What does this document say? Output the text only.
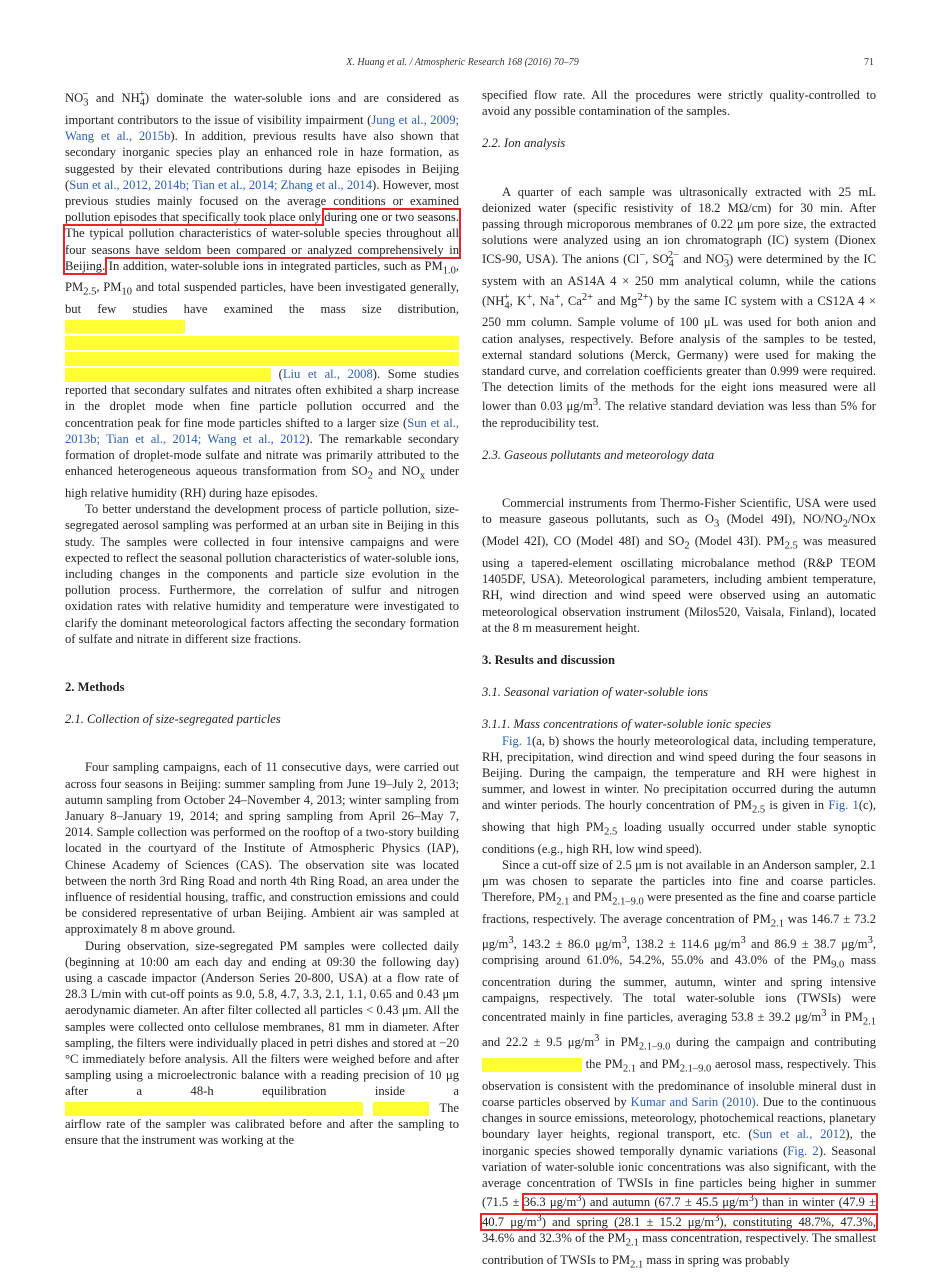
X. Huang et al. / Atmospheric Research 168 (2016) 70–79	71

$NO_3^-$ and $NH_4^+$) dominate the water-soluble ions and are considered as important contributors to the issue of visibility impairment (Jung et al., 2009; Wang et al., 2015b). In addition, previous results have also shown that secondary inorganic species play an enhanced role in haze formation, as suggested by their elevated contributions during haze episodes in Beijing (Sun et al., 2012, 2014b; Tian et al., 2014; Zhang et al., 2014). However, most previous studies mainly focused on the average conditions or examined pollution episodes that specifically took place only during one or two seasons. The typical pollution characteristics of water-soluble species throughout all four seasons have seldom been compared or analyzed comprehensively in Beijing. In addition, water-soluble ions in integrated particles, such as $PM_{1.0}$, $PM_{2.5}$, $PM_{10}$ and total suspended particles, have been investigated generally, but few studies have examined the mass size distribution,    (Liu et al., 2008). Some studies reported that secondary sulfates and nitrates often exhibited a sharp increase in the droplet mode when fine particle pollution occurred and the concentration peak for fine mode particles shifted to a larger size (Sun et al., 2013b; Tian et al., 2014; Wang et al., 2012). The remarkable secondary formation of droplet-mode sulfate and nitrate was primarily attributed to the enhanced heterogeneous aqueous transformation from $SO_2$ and $NO_x$ under high relative humidity (RH) during haze episodes.

To better understand the development process of particle pollution, size-segregated aerosol sampling was performed at an urban site in Beijing in this study. The samples were collected in four intensive campaigns and were expected to reflect the seasonal pollution characteristics of water-soluble ions, including changes in the components and particle size evolution in the pollution process. Furthermore, the correlation of sulfur and nitrogen oxidation rates with relative humidity and temperature were investigated to clarify the dominant meteorological factors affecting the secondary formation of sulfate and nitrate in different size fractions.

2. Methods
2.1. Collection of size-segregated particles

Four sampling campaigns, each of 11 consecutive days, were carried out across four seasons in Beijing: summer sampling from June 19–July 2, 2013; autumn sampling from October 24–November 4, 2013; winter sampling from January 8–January 19, 2014; and spring sampling from April 26–May 7, 2014. Sample collection was performed on the rooftop of a two-story building located in the courtyard of the Institute of Atmospheric Physics (IAP), Chinese Academy of Sciences (CAS). The observation site was located between the north 3rd Ring Road and north 4th Ring Road, an area under the influence of residential housing, traffic, and construction emissions and could be considered representative of urban Beijing. Ambient air was sampled at approximately 8 m above ground.

During observation, size-segregated PM samples were collected daily (beginning at 10:00 am each day and ending at 09:30 the following day) using a cascade impactor (Anderson Series 20-800, USA) at a flow rate of 28.3 L/min with cut-off points as 9.0, 5.8, 4.7, 3.3, 2.1, 1.1, 0.65 and 0.43 μm aerodynamic diameter. An after filter collected all particles < 0.43 μm. All the samples were collected onto cellulose membranes, 81 mm in diameter. After sampling, the filters were individually placed in petri dishes and stored at −20 °C immediately before analysis. All the filters were weighed before and after sampling using a microelectronic balance with a reading precision of 10 μg after a 48-h equilibration inside a   The airflow rate of the sampler was calibrated before and after the sampling to ensure that the instrument was working at the

specified flow rate. All the procedures were strictly quality-controlled to avoid any possible contamination of the samples.

2.2. Ion analysis

A quarter of each sample was ultrasonically extracted with 25 mL deionized water (specific resistivity of 18.2 MΩ/cm) for 30 min. After passing through microporous membranes of 0.22 μm pore size, the extracted solutions were analyzed using an ion chromatograph (IC) system (Dionex ICS-90, USA). The anions (Cl−, $SO_4^{2-}$ and $NO_3^-$) were determined by the IC system with an AS14A 4 × 250 mm analytical column, while the cations ($NH_4^+$, K+, Na+, $Ca^{2+}$ and $Mg^{2+}$) by the same IC system with a CS12A 4 × 250 mm column. Sample volume of 100 μL was used for both anion and cation analyses, respectively. Before analysis of the samples to be tested, external standard solutions (Merck, Germany) were used for making the standard curve, and correlation coefficients greater than 0.999 were required. The detection limits of the methods for the eight ions measured were all lower than 0.03 $\mu g/m^3$. The relative standard deviation was less than 5% for the reproducibility test.

2.3. Gaseous pollutants and meteorology data

Commercial instruments from Thermo-Fisher Scientific, USA were used to measure gaseous pollutants, such as $O_3$ (Model 49I), $NO/NO_2$/NOx (Model 42I), CO (Model 48I) and $SO_2$ (Model 43I). $PM_{2.5}$ was measured using a tapered-element oscillating microbalance method (R&P TEOM 1405DF, USA). Meteorological parameters, including ambient temperature, RH, wind direction and wind speed were observed using an automatic meteorological observation instrument (Milos520, Vaisala, Finland), located at the 8 m measurement height.

3. Results and discussion
3.1. Seasonal variation of water-soluble ions
3.1.1. Mass concentrations of water-soluble ionic species

Fig. 1(a, b) shows the hourly meteorological data, including temperature, RH, precipitation, wind direction and wind speed during the four seasons in Beijing. During the campaign, the temperature and RH were highest in summer, and lowest in winter. No precipitation occurred during the autumn and winter periods. The hourly concentration of $PM_{2.5}$ is given in Fig. 1(c), showing that high $PM_{2.5}$ loading usually occurred under stable synoptic conditions (e.g., high RH, low wind speed).

Since a cut-off size of 2.5 μm is not available in an Anderson sampler, 2.1 μm was chosen to separate the particles into fine and coarse particles. Therefore, $PM_{2.1}$ and $PM_{2.1-9.0}$ were presented as the fine and coarse particle fractions, respectively. The average concentration of $PM_{2.1}$ was 146.7 ± 73.2 $\mu g/m^3$, 143.2 ± 86.0 $\mu g/m^3$, 138.2 ± 114.6 $\mu g/m^3$ and 86.9 ± 38.7 $\mu g/m^3$, comprising around 61.0%, 54.2%, 55.0% and 43.0% of the $PM_{9.0}$ mass concentration during the summer, autumn, winter and spring intensive campaigns, respectively. The total water-soluble ions (TWSIs) were concentrated mainly in fine particles, averaging 53.8 ± 39.2 $\mu g/m^3$ in $PM_{2.1}$ and 22.2 ± 9.5 $\mu g/m^3$ in $PM_{2.1-9.0}$ during the campaign and contributing  the $PM_{2.1}$ and $PM_{2.1-9.0}$ aerosol mass, respectively. This observation is consistent with the predominance of insoluble mineral dust in coarse particles observed by Kumar and Sarin (2010). Due to the continuous changes in source emissions, meteorology, photochemical reactions, planetary boundary layer heights, regional transport, etc. (Sun et al., 2012), the inorganic species showed temporally dynamic variations (Fig. 2). Seasonal variation of water-soluble ionic concentrations was also significant, with the average concentration of TWSIs in fine particles being higher in summer (71.5 ± 36.3 $\mu g/m^3$) and autumn (67.7 ± 45.5 $\mu g/m^3$) than in winter (47.9 ± 40.7 $\mu g/m^3$) and spring (28.1 ± 15.2 $\mu g/m^3$), constituting 48.7%, 47.3%, 34.6% and 32.3% of the $PM_{2.1}$ mass concentration, respectively. The smallest contribution of TWSIs to $PM_{2.1}$ mass in spring was probably
